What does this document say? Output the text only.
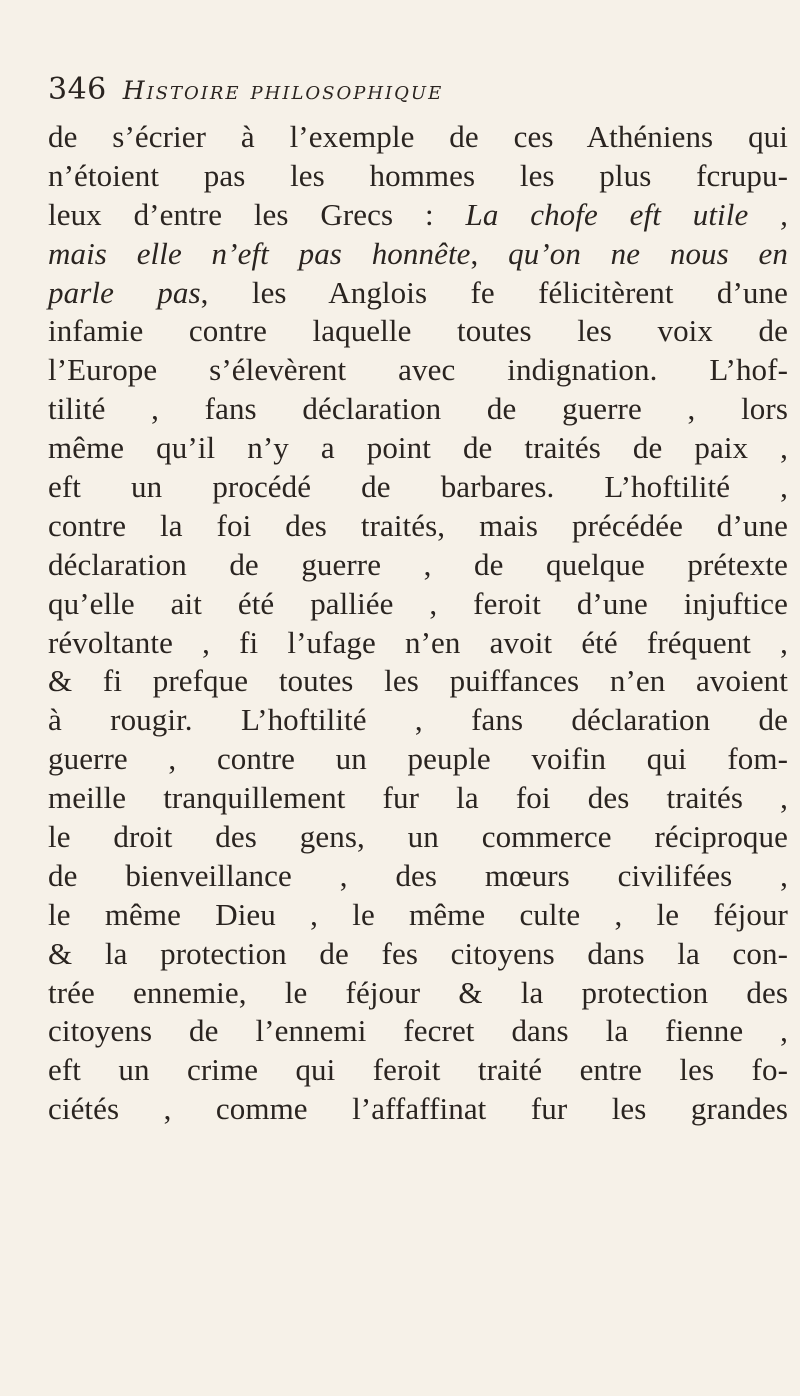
346 Histoire philosophique
de s’écrier à l’exemple de ces Athéniens qui
n’étoient pas les hommes les plus fcrupu-
leux d’entre les Grecs : La chofe eft utile ,
mais elle n’eft pas honnête, qu’on ne nous en
parle pas, les Anglois fe félicitèrent d’une
infamie contre laquelle toutes les voix de
l’Europe s’élevèrent avec indignation. L’hof-
tilité , fans déclaration de guerre , lors
même qu’il n’y a point de traités de paix ,
eft un procédé de barbares. L’hoftilité ,
contre la foi des traités, mais précédée d’une
déclaration de guerre , de quelque prétexte
qu’elle ait été palliée , feroit d’une injuftice
révoltante , fi l’ufage n’en avoit été fréquent ,
& fi prefque toutes les puiffances n’en avoient
à rougir. L’hoftilité , fans déclaration de
guerre , contre un peuple voifin qui fom-
meille tranquillement fur la foi des traités ,
le droit des gens, un commerce réciproque
de bienveillance , des mœurs civilifées ,
le même Dieu , le même culte , le féjour
& la protection de fes citoyens dans la con-
trée ennemie, le féjour & la protection des
citoyens de l’ennemi fecret dans la fienne ,
eft un crime qui feroit traité entre les fo-
ciétés , comme l’affaffinat fur les grandes
